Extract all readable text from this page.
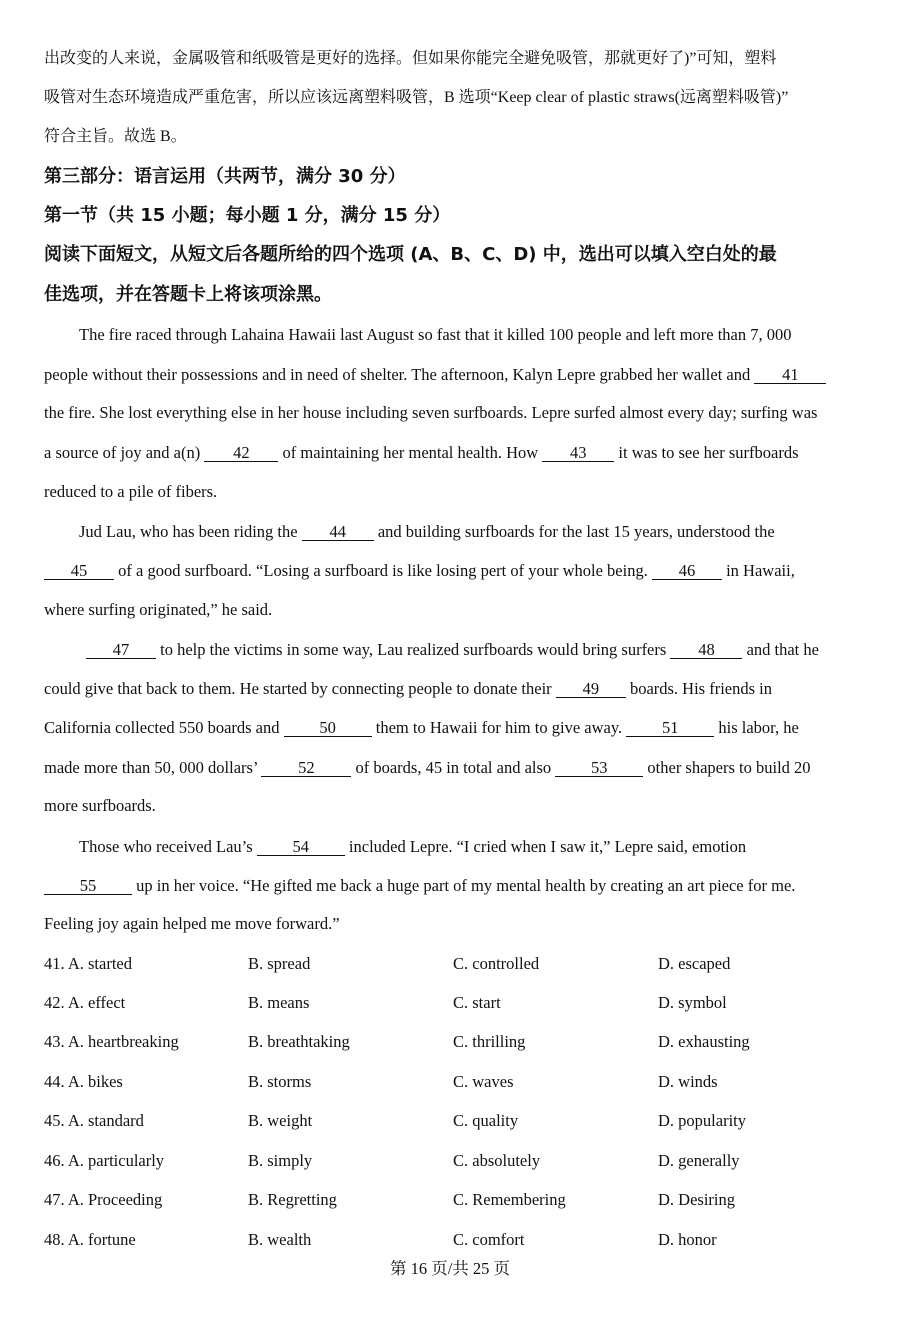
出改变的人来说，金属吸管和纸吸管是更好的选择。但如果你能完全避免吸管，那就更好了)”可知，塑料
吸管对生态环境造成严重危害，所以应该远离塑料吸管，B 选项“Keep clear of plastic straws(远离塑料吸管)”
符合主旨。故选 B。
第三部分：语言运用（共两节，满分 30 分）
第一节（共 15 小题；每小题 1 分，满分 15 分）
阅读下面短文，从短文后各题所给的四个选项 (A、B、C、D) 中，选出可以填入空白处的最
佳选项，并在答题卡上将该项涂黑。
The fire raced through Lahaina Hawaii last August so fast that it killed 100 people and left more than 7, 000
people without their possessions and in need of shelter. The afternoon, Kalyn Lepre grabbed her wallet and 41
the fire. She lost everything else in her house including seven surfboards. Lepre surfed almost every day; surfing was
a source of joy and a(n) 42 of maintaining her mental health. How 43 it was to see her surfboards
reduced to a pile of fibers.
Jud Lau, who has been riding the 44 and building surfboards for the last 15 years, understood the
45 of a good surfboard. “Losing a surfboard is like losing pert of your whole being. 46 in Hawaii,
where surfing originated,” he said.
47 to help the victims in some way, Lau realized surfboards would bring surfers 48 and that he
could give that back to them. He started by connecting people to donate their 49 boards. His friends in
California collected 550 boards and 50 them to Hawaii for him to give away. 51 his labor, he
made more than 50, 000 dollars’ 52 of boards, 45 in total and also 53 other shapers to build 20
more surfboards.
Those who received Lau’s 54 included Lepre. “I cried when I saw it,” Lepre said, emotion
55 up in her voice. “He gifted me back a huge part of my mental health by creating an art piece for me.
Feeling joy again helped me move forward.”
41. A. started	B. spread	C. controlled	D. escaped
42. A. effect	B. means	C. start	D. symbol
43. A. heartbreaking	B. breathtaking	C. thrilling	D. exhausting
44. A. bikes	B. storms	C. waves	D. winds
45. A. standard	B. weight	C. quality	D. popularity
46. A. particularly	B. simply	C. absolutely	D. generally
47. A. Proceeding	B. Regretting	C. Remembering	D. Desiring
48. A. fortune	B. wealth	C. comfort	D. honor
第 16 页/共 25 页
